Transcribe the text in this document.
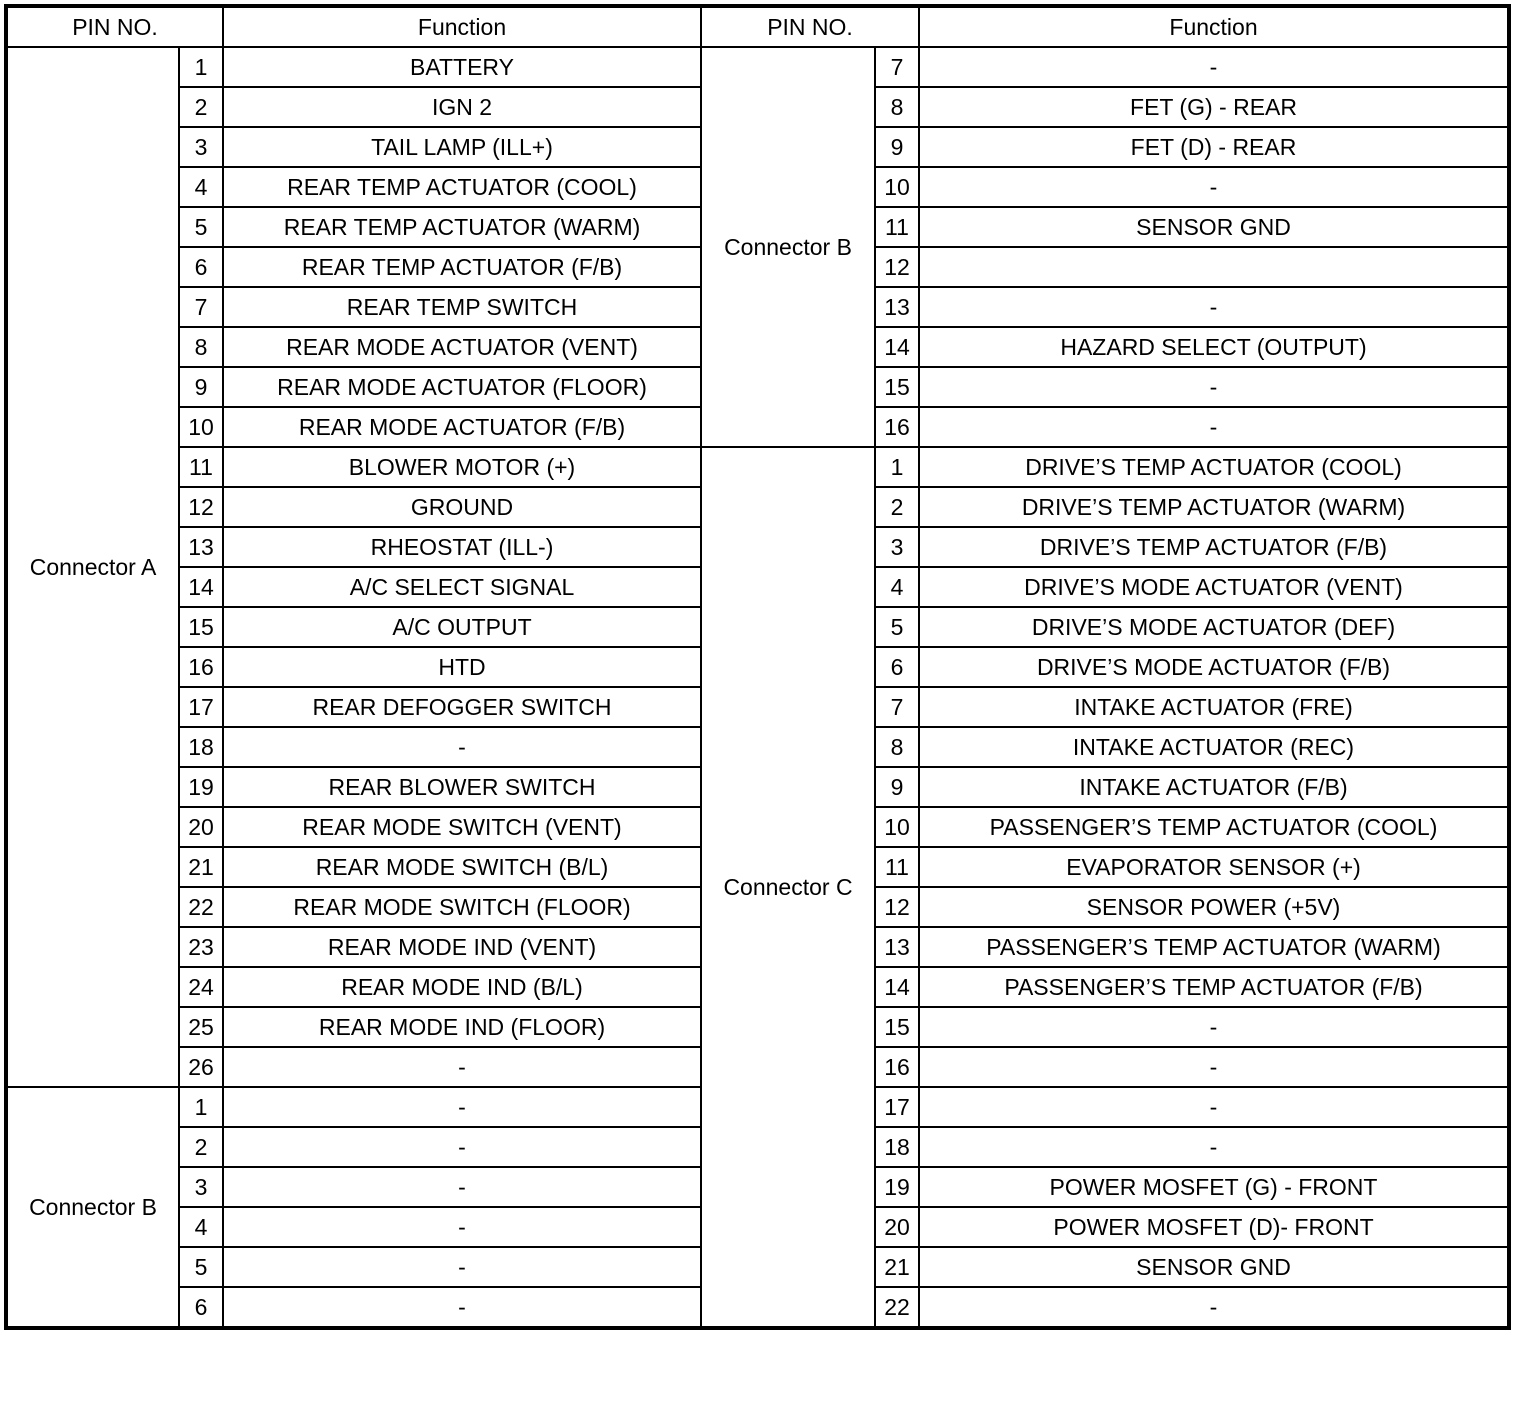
PIN NO.		Function	PIN NO.		Function
Connector A	1	BATTERY	Connector B	7	-
	2	IGN 2		8	FET (G) - REAR
	3	TAIL LAMP (ILL+)		9	FET (D) - REAR
	4	REAR TEMP ACTUATOR (COOL)		10	-
	5	REAR TEMP ACTUATOR (WARM)		11	SENSOR GND
	6	REAR TEMP ACTUATOR (F/B)		12	
	7	REAR TEMP SWITCH		13	-
	8	REAR MODE ACTUATOR (VENT)		14	HAZARD SELECT (OUTPUT)
	9	REAR MODE ACTUATOR (FLOOR)		15	-
	10	REAR MODE ACTUATOR (F/B)		16	-
	11	BLOWER MOTOR (+)	Connector C	1	DRIVE’S TEMP ACTUATOR (COOL)
	12	GROUND		2	DRIVE’S TEMP ACTUATOR (WARM)
	13	RHEOSTAT (ILL-)		3	DRIVE’S TEMP ACTUATOR (F/B)
	14	A/C SELECT SIGNAL		4	DRIVE’S MODE ACTUATOR (VENT)
	15	A/C OUTPUT		5	DRIVE’S MODE ACTUATOR (DEF)
	16	HTD		6	DRIVE’S MODE ACTUATOR (F/B)
	17	REAR DEFOGGER SWITCH		7	INTAKE ACTUATOR (FRE)
	18	-		8	INTAKE ACTUATOR (REC)
	19	REAR BLOWER SWITCH		9	INTAKE ACTUATOR (F/B)
	20	REAR MODE SWITCH (VENT)		10	PASSENGER’S TEMP ACTUATOR (COOL)
	21	REAR MODE SWITCH (B/L)		11	EVAPORATOR SENSOR (+)
	22	REAR MODE SWITCH (FLOOR)		12	SENSOR POWER (+5V)
	23	REAR MODE IND (VENT)		13	PASSENGER’S TEMP ACTUATOR (WARM)
	24	REAR MODE IND (B/L)		14	PASSENGER’S TEMP ACTUATOR (F/B)
	25	REAR MODE IND (FLOOR)		15	-
	26	-		16	-
Connector B	1	-		17	-
	2	-		18	-
	3	-		19	POWER MOSFET (G) - FRONT
	4	-		20	POWER MOSFET (D)- FRONT
	5	-		21	SENSOR GND
	6	-		22	-
